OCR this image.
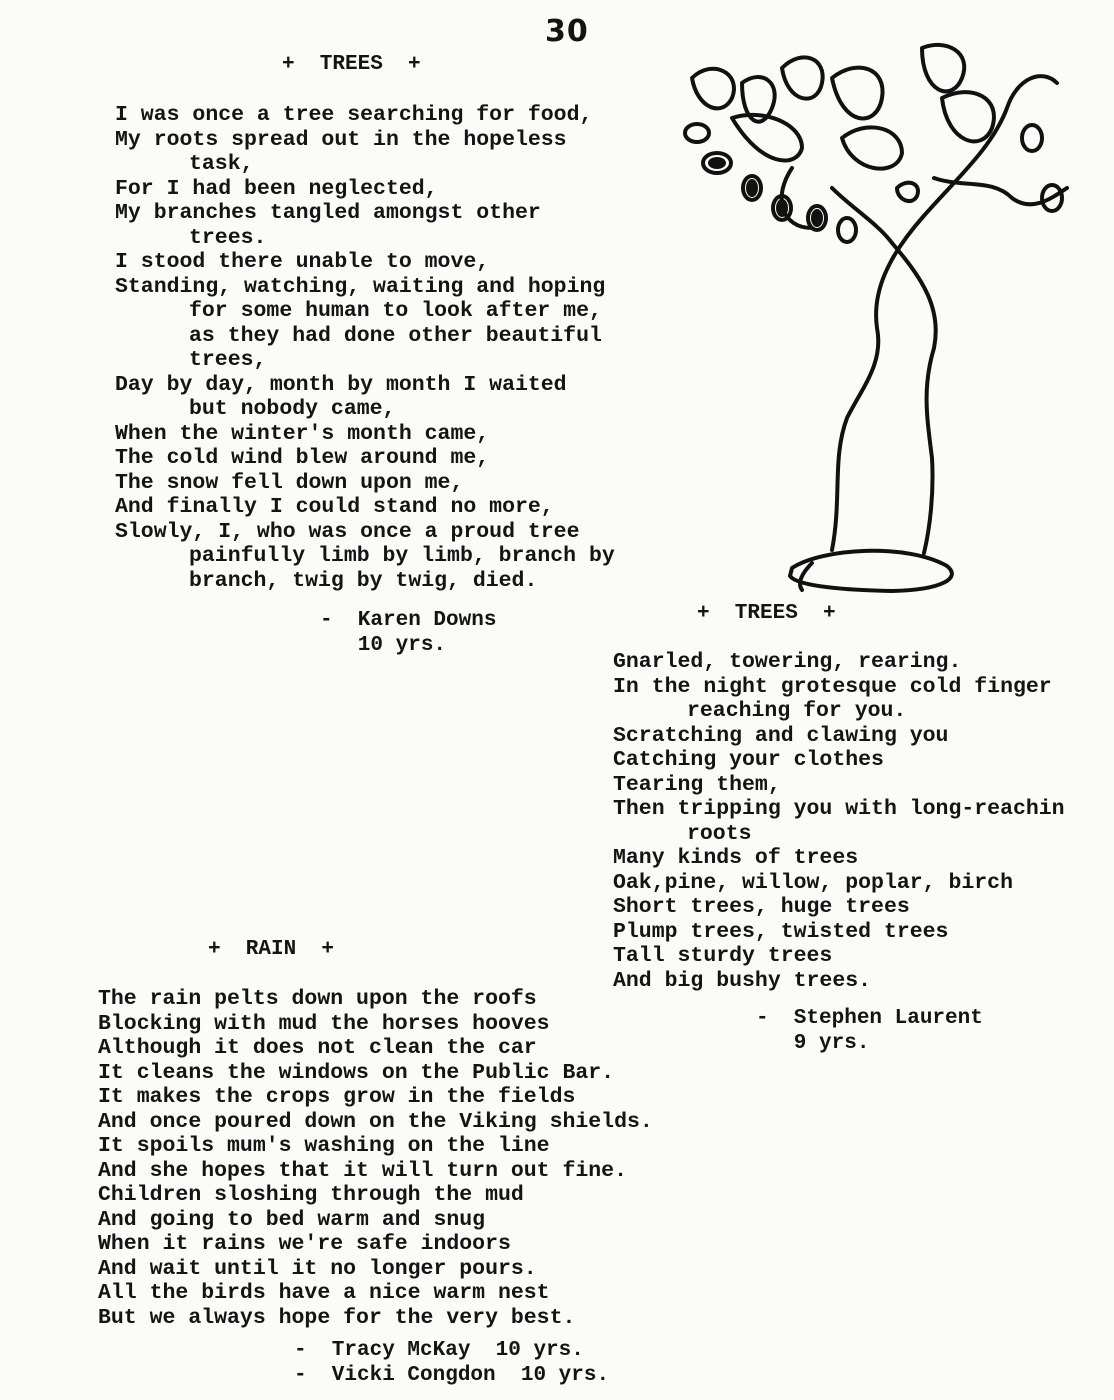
30
+  TREES  +
I was once a tree searching for food,
My roots spread out in the hopeless
task,
For I had been neglected,
My branches tangled amongst other
trees.
I stood there unable to move,
Standing, watching, waiting and hoping
for some human to look after me,
as they had done other beautiful
trees,
Day by day, month by month I waited
but nobody came,
When the winter's month came,
The cold wind blew around me,
The snow fell down upon me,
And finally I could stand no more,
Slowly, I, who was once a proud tree
painfully limb by limb, branch by
branch, twig by twig, died.
-  Karen Downs
10 yrs.
+  TREES  +
Gnarled, towering, rearing.
In the night grotesque cold finger
reaching for you.
Scratching and clawing you
Catching your clothes
Tearing them,
Then tripping you with long-reachin
roots
Many kinds of trees
Oak,pine, willow, poplar, birch
Short trees, huge trees
Plump trees, twisted trees
Tall sturdy trees
And big bushy trees.
-  Stephen Laurent
9 yrs.
+  RAIN  +
The rain pelts down upon the roofs
Blocking with mud the horses hooves
Although it does not clean the car
It cleans the windows on the Public Bar.
It makes the crops grow in the fields
And once poured down on the Viking shields.
It spoils mum's washing on the line
And she hopes that it will turn out fine.
Children sloshing through the mud
And going to bed warm and snug
When it rains we're safe indoors
And wait until it no longer pours.
All the birds have a nice warm nest
But we always hope for the very best.
-  Tracy McKay  10 yrs.
-  Vicki Congdon  10 yrs.
